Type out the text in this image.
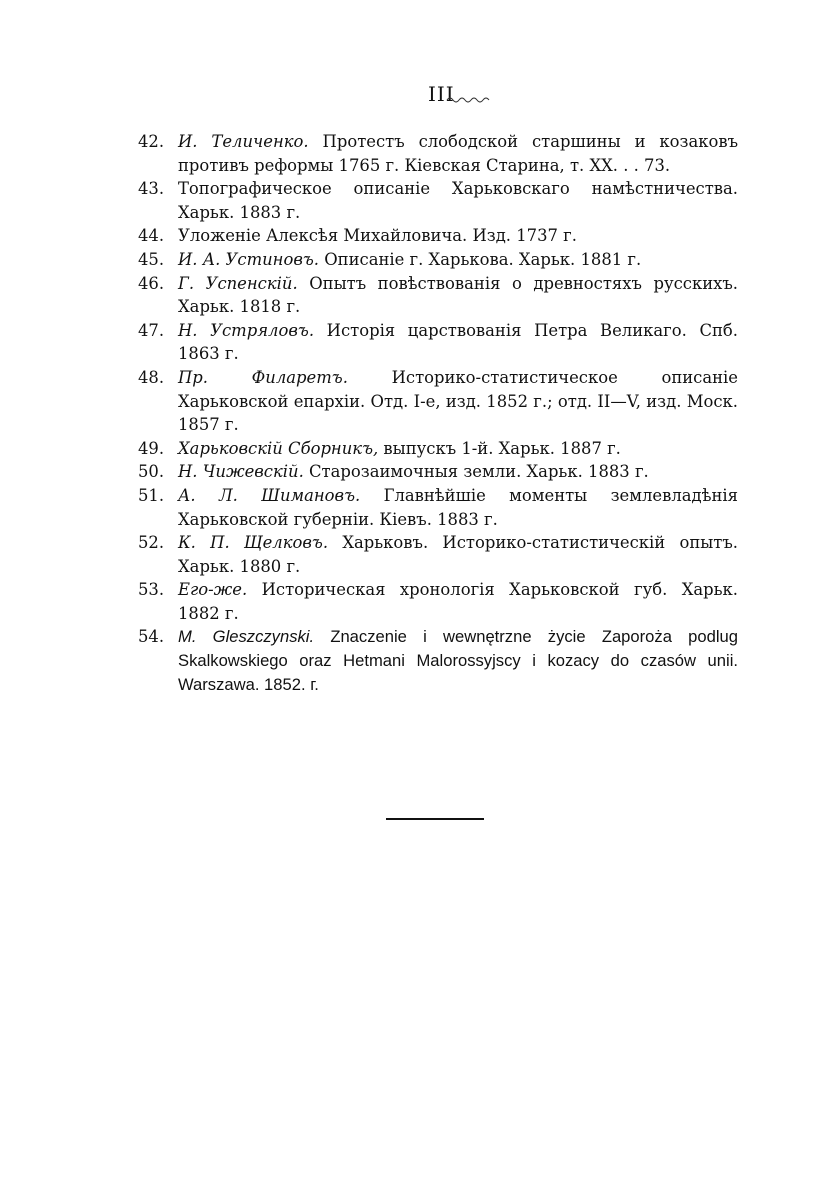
III
42. И. Теличенко. Протестъ слободской старшины и козаковъ противъ реформы 1765 г. Кіевская Старина, т. XX. . . 73.
43. Топографическое описаніе Харьковскаго намѣстничества. Харьк. 1883 г.
44. Уложеніе Алексѣя Михайловича. Изд. 1737 г.
45. И. А. Устиновъ. Описаніе г. Харькова. Харьк. 1881 г.
46. Г. Успенскій. Опытъ повѣствованія о древностяхъ русскихъ. Харьк. 1818 г.
47. Н. Устряловъ. Исторія царствованія Петра Великаго. Спб. 1863 г.
48. Пр. Филаретъ. Историко-статистическое описаніе Харьковской епархіи. Отд. I-е, изд. 1852 г.; отд. II—V, изд. Моск. 1857 г.
49. Харьковскій Сборникъ, выпускъ 1-й. Харьк. 1887 г.
50. Н. Чижевскій. Старозаимочныя земли. Харьк. 1883 г.
51. А. Л. Шимановъ. Главнѣйшіе моменты землевладѣнія Харьковской губерніи. Кіевъ. 1883 г.
52. К. П. Щелковъ. Харьковъ. Историко-статистическій опытъ. Харьк. 1880 г.
53. Его-же. Историческая хронологія Харьковской губ. Харьк. 1882 г.
54. M. Gleszczynski. Znaczenie i wewnętrzne życie Zaporoża podlug Skalkowskiego oraz Hetmani Malorossyjscy i kozacy do czasów unii. Warszawa. 1852. г.
